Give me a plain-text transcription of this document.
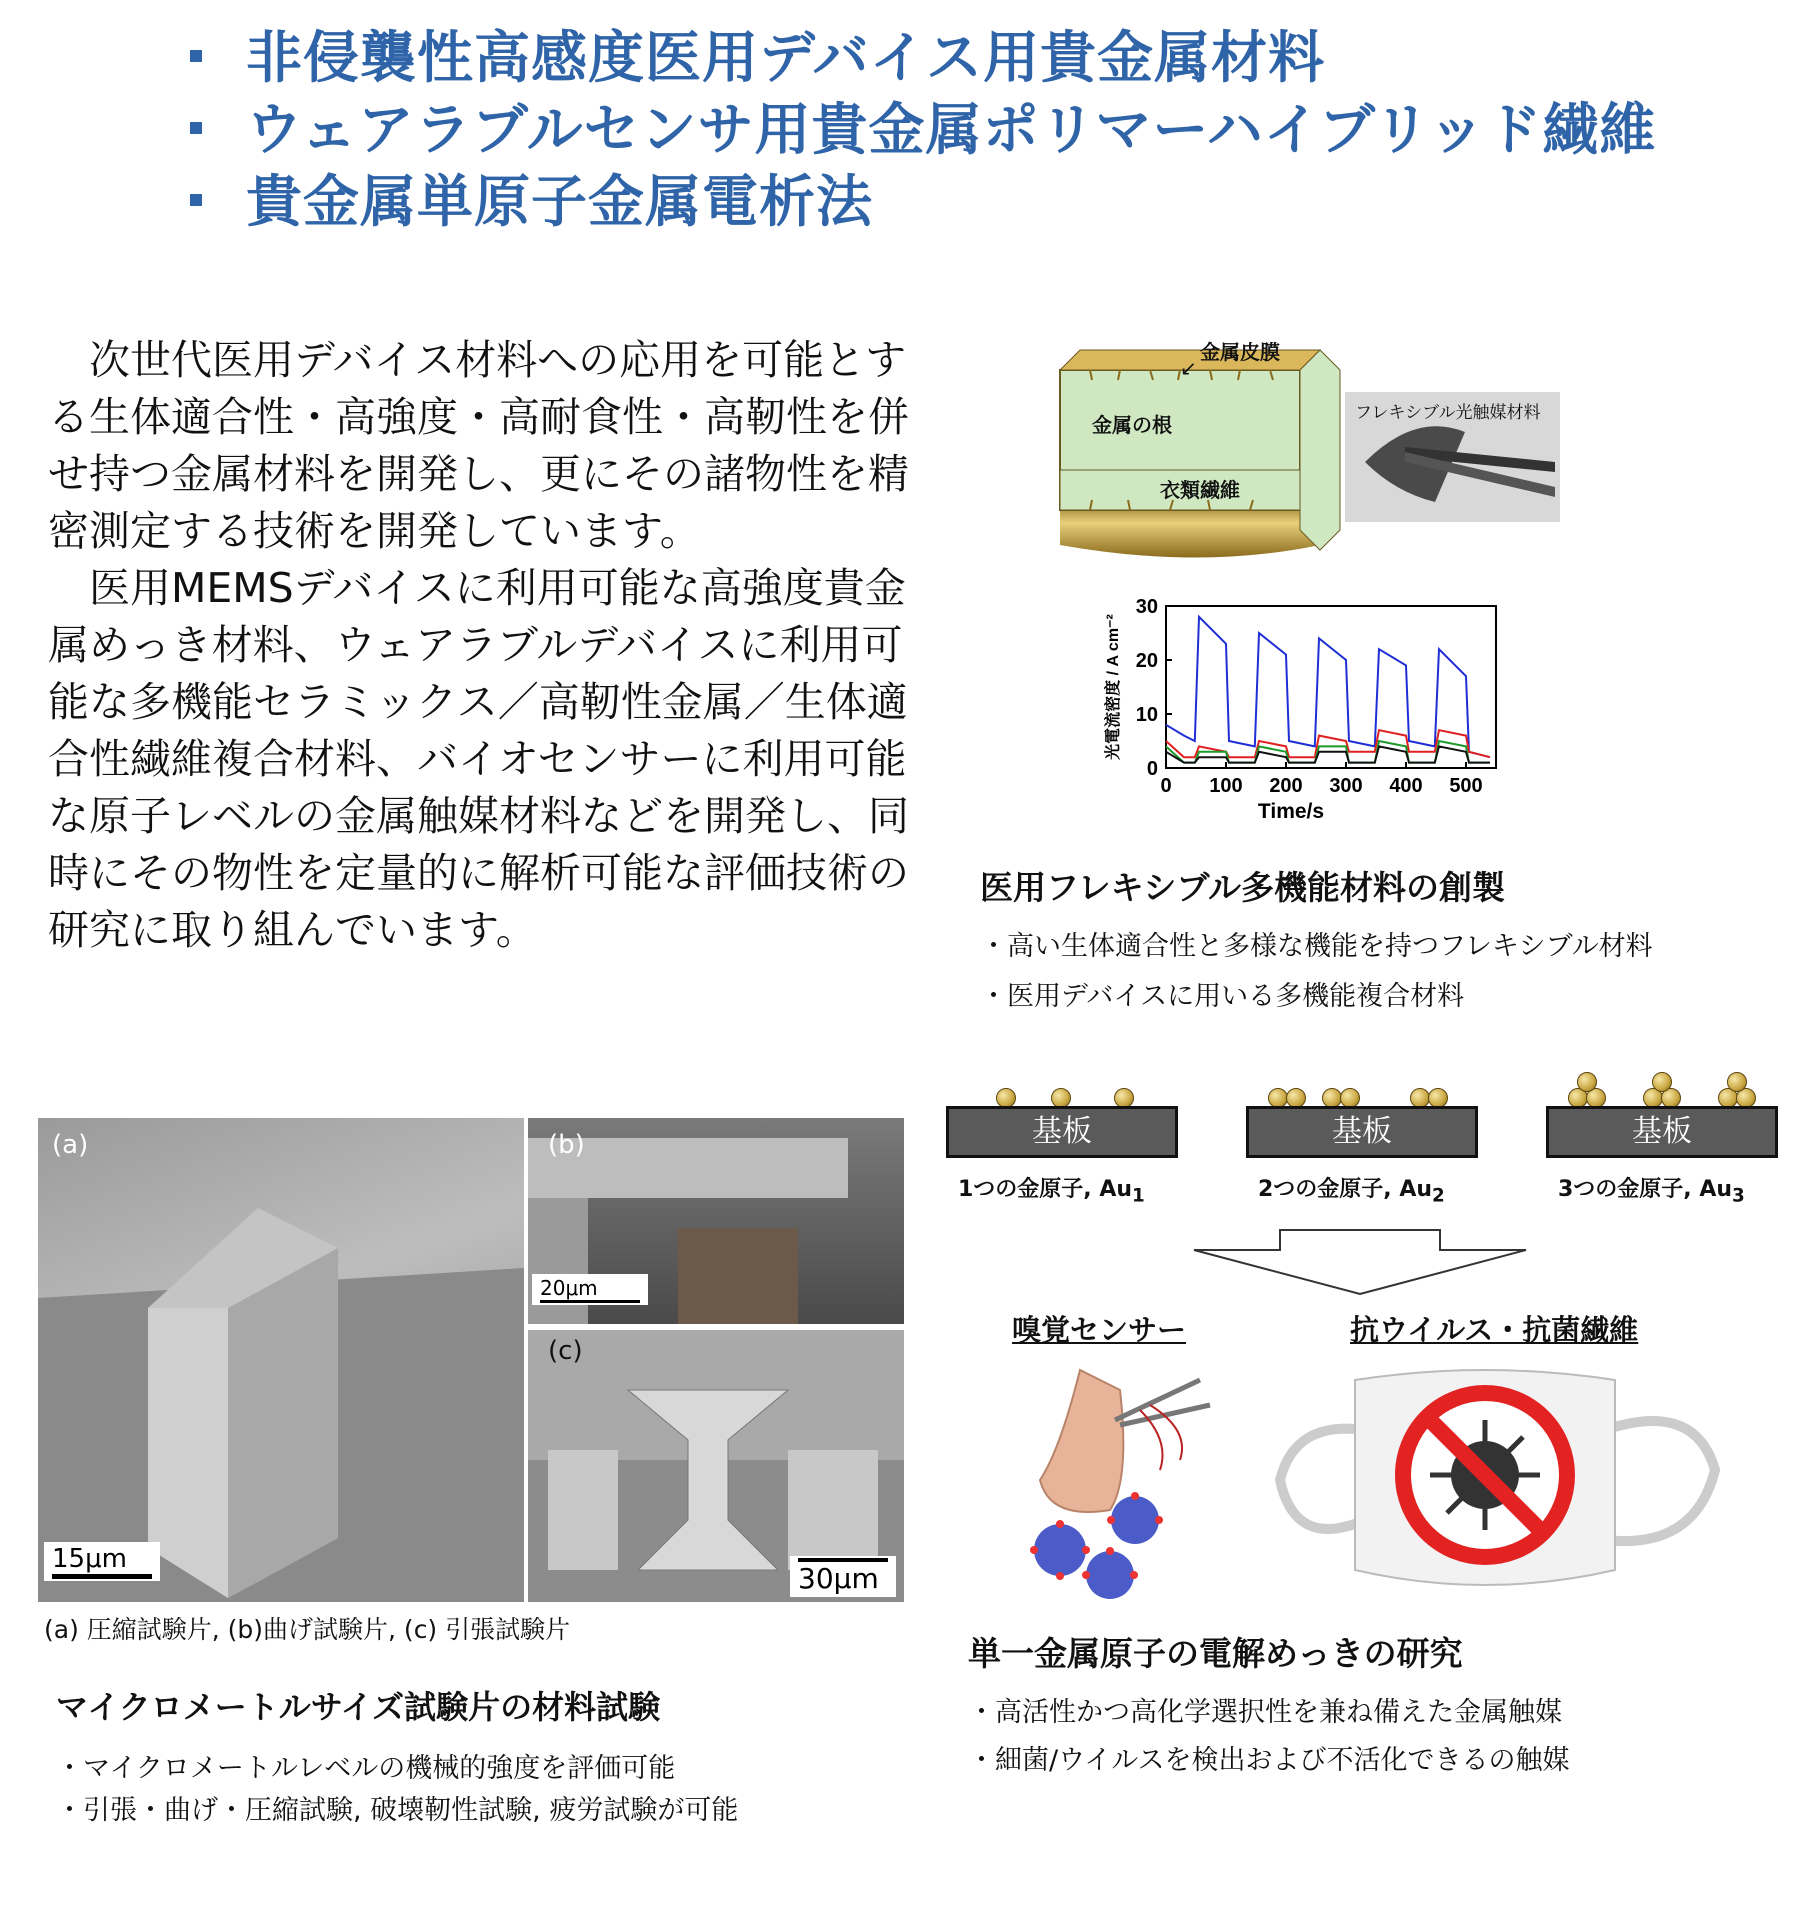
非侵襲性高感度医用デバイス用貴金属材料
ウェアラブルセンサ用貴金属ポリマーハイブリッド繊維
貴金属単原子金属電析法

次世代医用デバイス材料への応用を可能とする生体適合性・高強度・高耐食性・高靭性を併せ持つ金属材料を開発し、更にその諸物性を精密測定する技術を開発しています。

医用MEMSデバイスに利用可能な高強度貴金属めっき材料、ウェアラブルデバイスに利用可能な多機能セラミックス／高靭性金属／生体適合性繊維複合材料、バイオセンサーに利用可能な原子レベルの金属触媒材料などを開発し、同時にその物性を定量的に解析可能な評価技術の研究に取り組んでいます。

金属皮膜
↙
金属の根
衣類繊維
フレキシブル光触媒材料
0 100 200 300 400 500
0
10
20
30
Time/s
光電流密度 / A cm⁻²
医用フレキシブル多機能材料の創製
・高い生体適合性と多様な機能を持つフレキシブル材料
・医用デバイスに用いる多機能複合材料
(a)
15μm
(b)
20μm
(c)
30μm
(a) 圧縮試験片, (b)曲げ試験片, (c) 引張試験片
マイクロメートルサイズ試験片の材料試験
・マイクロメートルレベルの機械的強度を評価可能
・引張・曲げ・圧縮試験, 破壊靭性試験, 疲労試験が可能
基板	基板	基板
1つの金原子, $Au_1$	2つの金原子, $Au_2$	3つの金原子, $Au_3$
嗅覚センサー	抗ウイルス・抗菌繊維
単一金属原子の電解めっきの研究
・高活性かつ高化学選択性を兼ね備えた金属触媒
・細菌/ウイルスを検出および不活化できるの触媒
